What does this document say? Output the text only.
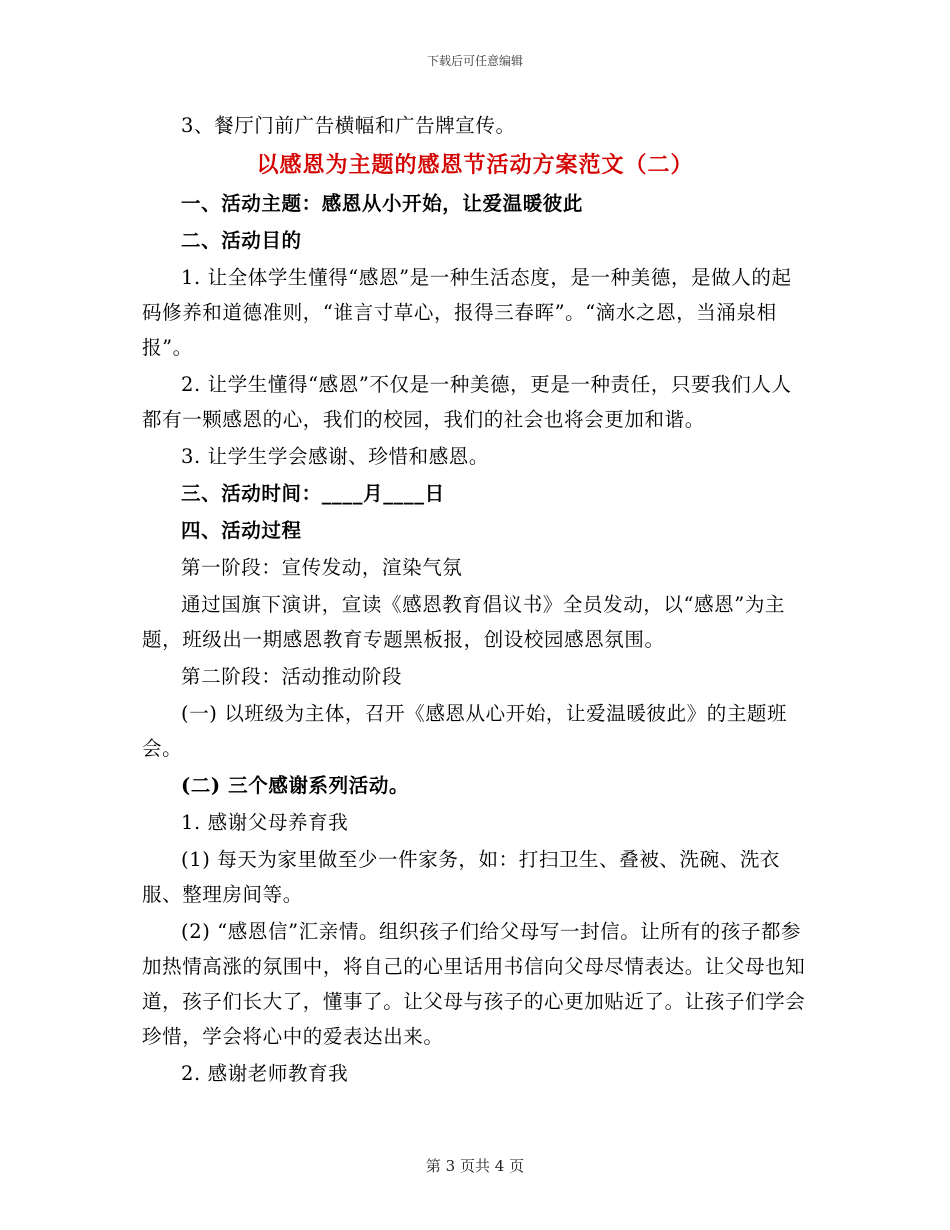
下载后可任意编辑

3、餐厅门前广告横幅和广告牌宣传。

以感恩为主题的感恩节活动方案范文（二）

一、活动主题：感恩从小开始，让爱温暖彼此

二、活动目的

1. 让全体学生懂得“感恩”是一种生活态度，是一种美德，是做人的起码修养和道德准则，“谁言寸草心，报得三春晖”。“滴水之恩，当涌泉相报”。

2. 让学生懂得“感恩”不仅是一种美德，更是一种责任，只要我们人人都有一颗感恩的心，我们的校园，我们的社会也将会更加和谐。

3. 让学生学会感谢、珍惜和感恩。

三、活动时间：____月____日

四、活动过程

第一阶段：宣传发动，渲染气氛

通过国旗下演讲，宣读《感恩教育倡议书》全员发动，以“感恩”为主题，班级出一期感恩教育专题黑板报，创设校园感恩氛围。

第二阶段：活动推动阶段

(一) 以班级为主体，召开《感恩从心开始，让爱温暖彼此》的主题班会。

(二) 三个感谢系列活动。

1. 感谢父母养育我

(1) 每天为家里做至少一件家务，如：打扫卫生、叠被、洗碗、洗衣服、整理房间等。

(2) “感恩信”汇亲情。组织孩子们给父母写一封信。让所有的孩子都参加热情高涨的氛围中，将自己的心里话用书信向父母尽情表达。让父母也知道，孩子们长大了，懂事了。让父母与孩子的心更加贴近了。让孩子们学会珍惜，学会将心中的爱表达出来。

2. 感谢老师教育我

第 3 页共 4 页
